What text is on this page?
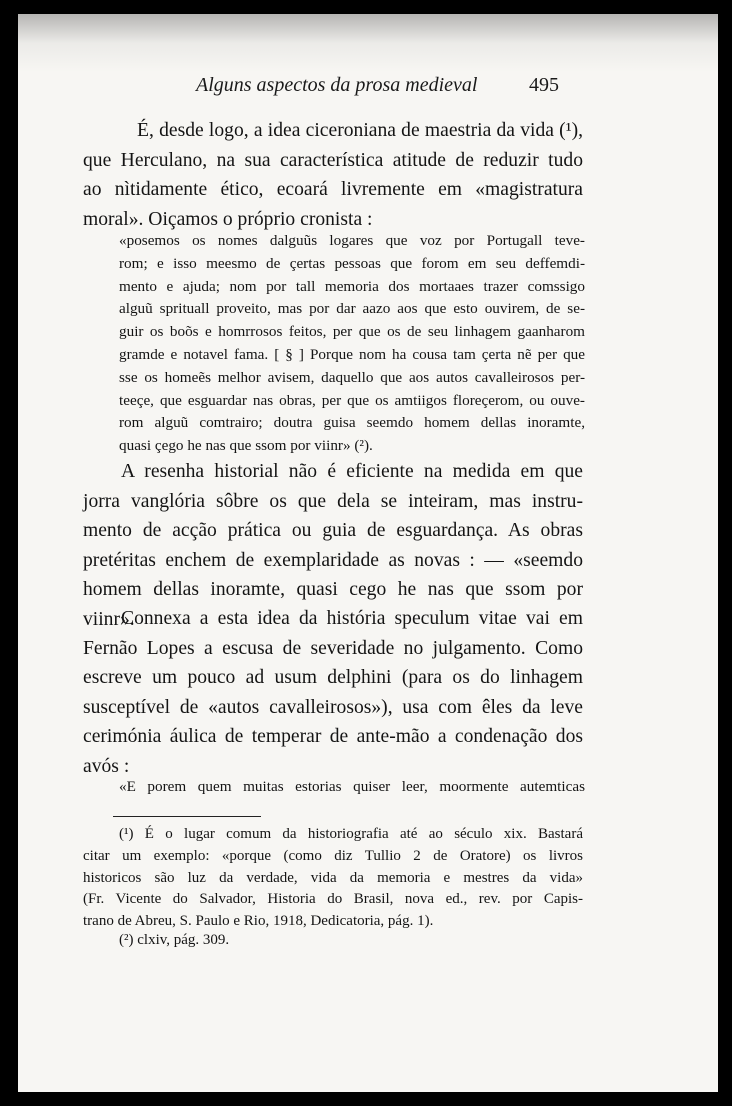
Alguns aspectos da prosa medieval	495

É, desde logo, a idea ciceroniana de maestria da vida (¹),
que Herculano, na sua característica atitude de reduzir tudo
ao nìtidamente ético, ecoará livremente em «magistratura
moral». Oiçamos o próprio cronista :

«posemos os nomes dalguũs logares que voz por Portugall teve-
rom; e isso meesmo de çertas pessoas que forom em seu deffemdi-
mento e ajuda; nom por tall memoria dos mortaaes trazer comssigo
alguũ sprituall proveito, mas por dar aazo aos que esto ouvirem, de se-
guir os boõs e homrrosos feitos, per que os de seu linhagem gaanharom
gramde e notavel fama. [ § ] Porque nom ha cousa tam çerta nẽ per que
sse os homeẽs melhor avisem, daquello que aos autos cavalleirosos per-
teeçe, que esguardar nas obras, per que os amtiigos floreçerom, ou ouve-
rom alguũ comtrairo; doutra guisa seemdo homem dellas inoramte,
quasi çego he nas que ssom por viinr» (²).

A resenha historial não é eficiente na medida em que
jorra vanglória sôbre os que dela se inteiram, mas instru-
mento de acção prática ou guia de esguardança. As obras
pretéritas enchem de exemplaridade as novas : — «seemdo
homem dellas inoramte, quasi cego he nas que ssom por
viinr».

Connexa a esta idea da história speculum vitae vai em
Fernão Lopes a escusa de severidade no julgamento. Como
escreve um pouco ad usum delphini (para os do linhagem
susceptível de «autos cavalleirosos»), usa com êles da leve
cerimónia áulica de temperar de ante-mão a condenação dos
avós :

«E porem quem muitas estorias quiser leer, moormente autemticas

(¹) É o lugar comum da historiografia até ao século xix. Bastará
citar um exemplo: «porque (como diz Tullio 2 de Oratore) os livros
historicos são luz da verdade, vida da memoria e mestres da vida»
(Fr. Vicente do Salvador, Historia do Brasil, nova ed., rev. por Capis-
trano de Abreu, S. Paulo e Rio, 1918, Dedicatoria, pág. 1).

(²) clxiv, pág. 309.
